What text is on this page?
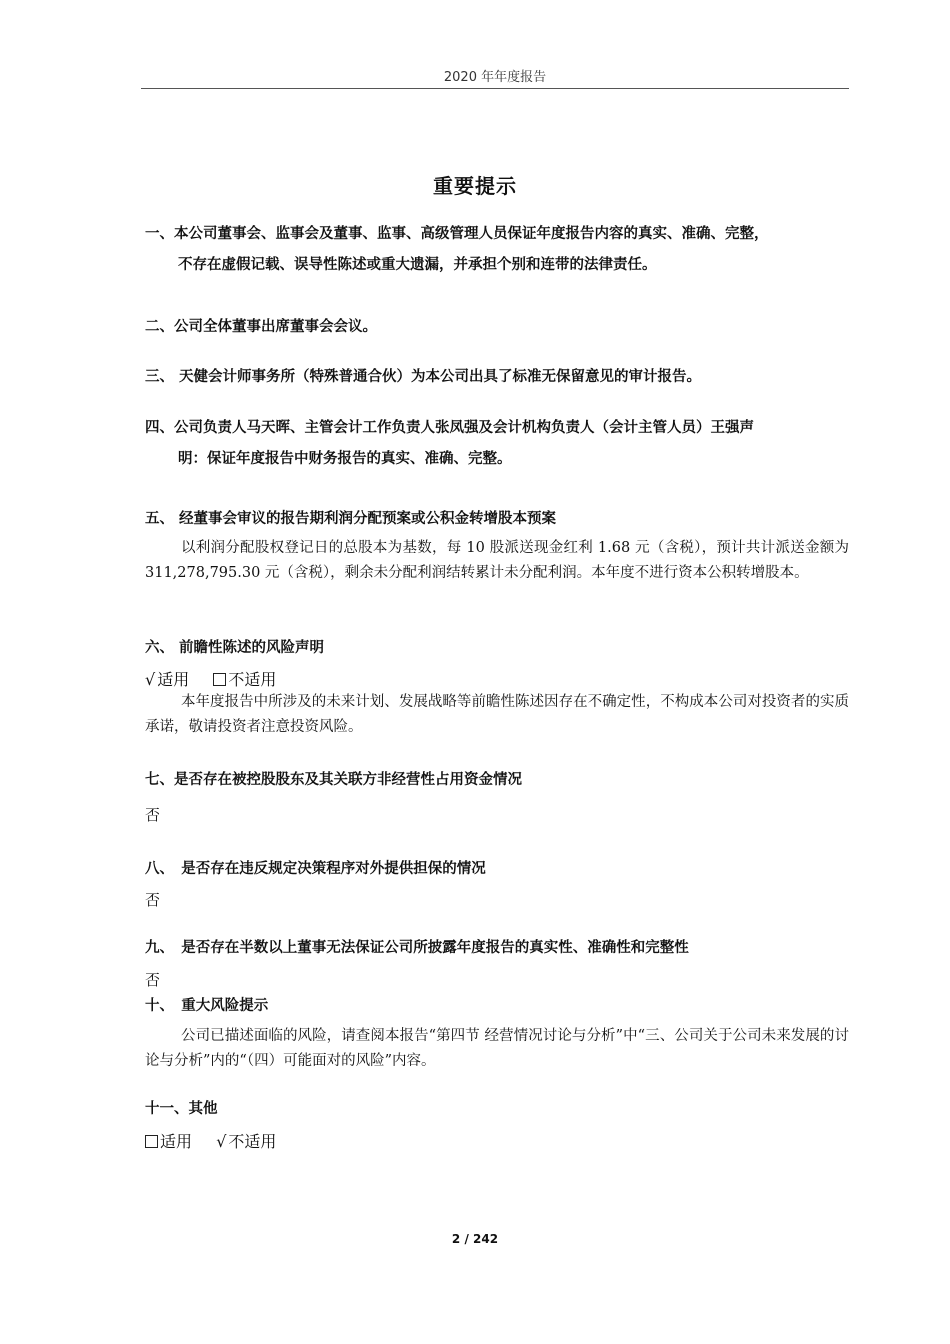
2020 年年度报告
重要提示
一、本公司董事会、监事会及董事、监事、高级管理人员保证年度报告内容的真实、准确、完整，
不存在虚假记载、误导性陈述或重大遗漏，并承担个别和连带的法律责任。
二、公司全体董事出席董事会会议。
三、 天健会计师事务所（特殊普通合伙）为本公司出具了标准无保留意见的审计报告。
四、公司负责人马天晖、主管会计工作负责人张凤强及会计机构负责人（会计主管人员）王强声
明：保证年度报告中财务报告的真实、准确、完整。
五、 经董事会审议的报告期利润分配预案或公积金转增股本预案
以利润分配股权登记日的总股本为基数，每 10 股派送现金红利 1.68 元（含税），预计共计派送金额为 311,278,795.30 元（含税），剩余未分配利润结转累计未分配利润。本年度不进行资本公积转增股本。
六、 前瞻性陈述的风险声明
√ 适用 不适用
本年度报告中所涉及的未来计划、发展战略等前瞻性陈述因存在不确定性，不构成本公司对投资者的实质承诺，敬请投资者注意投资风险。
七、是否存在被控股股东及其关联方非经营性占用资金情况
否
八、　是否存在违反规定决策程序对外提供担保的情况
否
九、　是否存在半数以上董事无法保证公司所披露年度报告的真实性、准确性和完整性
否
十、　重大风险提示
公司已描述面临的风险，请查阅本报告“第四节 经营情况讨论与分析”中“三、公司关于公司未来发展的讨论与分析”内的“（四）可能面对的风险”内容。
十一、其他
适用 √ 不适用
2 / 242
